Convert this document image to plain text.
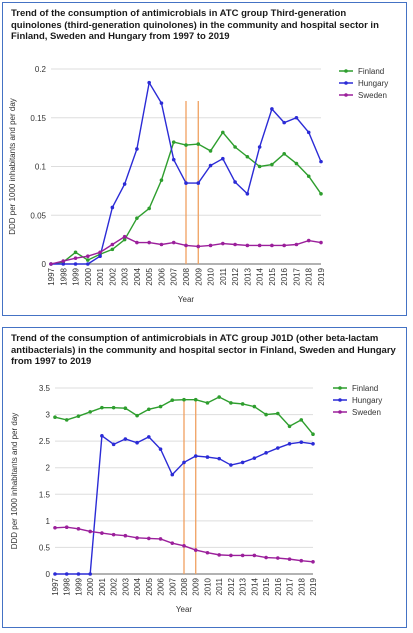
Trend of the consumption of antimicrobials in ATC group Third-generation quinolones (third-generation quinolones) in the community and hospital sector in Finland, Sweden and Hungary from 1997 to 2019

0
0.05
0.1
0.15
0.2
1997 1998 1999 2000 2001 2002 2003 2004 2005 2006 2007 2008 2009 2010 2011 2012 2013 2014 2015 2016 2017 2018 2019
DDD per 1000 inhabitants and per day
Year
Finland
Hungary
Sweden

Trend of the consumption of antimicrobials in ATC group J01D (other beta-lactam antibacterials) in the community and hospital sector in Finland, Sweden and Hungary from 1997 to 2019

0
0.5
1
1.5
2
2.5
3
3.5
1997 1998 1999 2000 2001 2002 2003 2004 2005 2006 2007 2008 2009 2010 2011 2012 2013 2014 2015 2016 2017 2018 2019
DDD per 1000 inhabitants and per day
Year
Finland
Hungary
Sweden
